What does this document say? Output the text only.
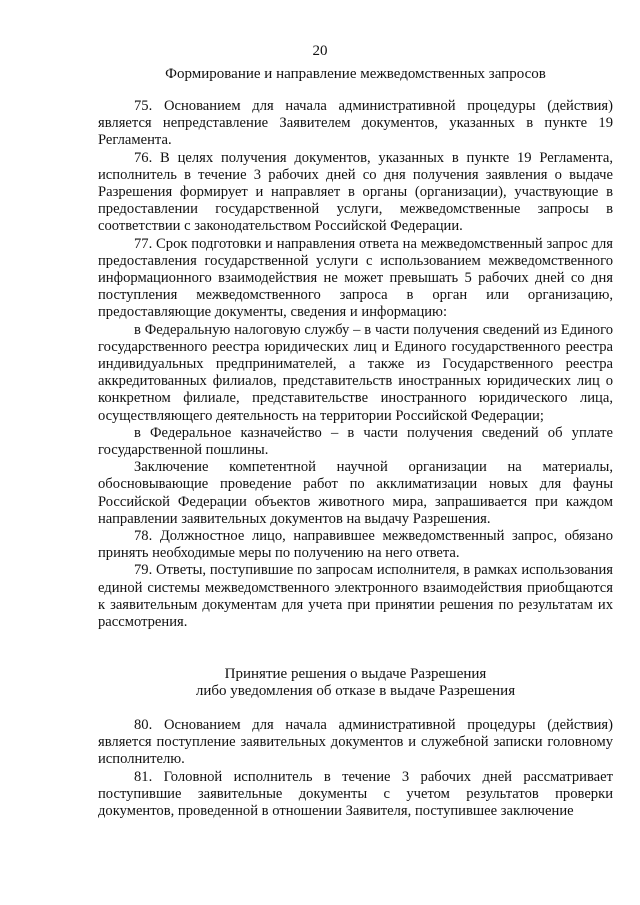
20
Формирование и направление межведомственных запросов

75. Основанием для начала административной процедуры (действия) является непредставление Заявителем документов, указанных в пункте 19 Регламента.

76. В целях получения документов, указанных в пункте 19 Регламента, исполнитель в течение 3 рабочих дней со дня получения заявления о выдаче Разрешения формирует и направляет в органы (организации), участвующие в предоставлении государственной услуги, межведомственные запросы в соответствии с законодательством Российской Федерации.

77. Срок подготовки и направления ответа на межведомственный запрос для предоставления государственной услуги с использованием межведомственного информационного взаимодействия не может превышать 5 рабочих дней со дня поступления межведомственного запроса в орган или организацию, предоставляющие документы, сведения и информацию:

в Федеральную налоговую службу – в части получения сведений из Единого государственного реестра юридических лиц и Единого государственного реестра индивидуальных предпринимателей, а также из Государственного реестра аккредитованных филиалов, представительств иностранных юридических лиц о конкретном филиале, представительстве иностранного юридического лица, осуществляющего деятельность на территории Российской Федерации;

в Федеральное казначейство – в части получения сведений об уплате государственной пошлины.

Заключение компетентной научной организации на материалы, обосновывающие проведение работ по акклиматизации новых для фауны Российской Федерации объектов животного мира, запрашивается при каждом направлении заявительных документов на выдачу Разрешения.

78. Должностное лицо, направившее межведомственный запрос, обязано принять необходимые меры по получению на него ответа.

79. Ответы, поступившие по запросам исполнителя, в рамках использования единой системы межведомственного электронного взаимодействия приобщаются к заявительным документам для учета при принятии решения по результатам их рассмотрения.

Принятие решения о выдаче Разрешения
либо уведомления об отказе в выдаче Разрешения

80. Основанием для начала административной процедуры (действия) является поступление заявительных документов и служебной записки головному исполнителю.

81. Головной исполнитель в течение 3 рабочих дней рассматривает поступившие заявительные документы с учетом результатов проверки документов, проведенной в отношении Заявителя, поступившее заключение
